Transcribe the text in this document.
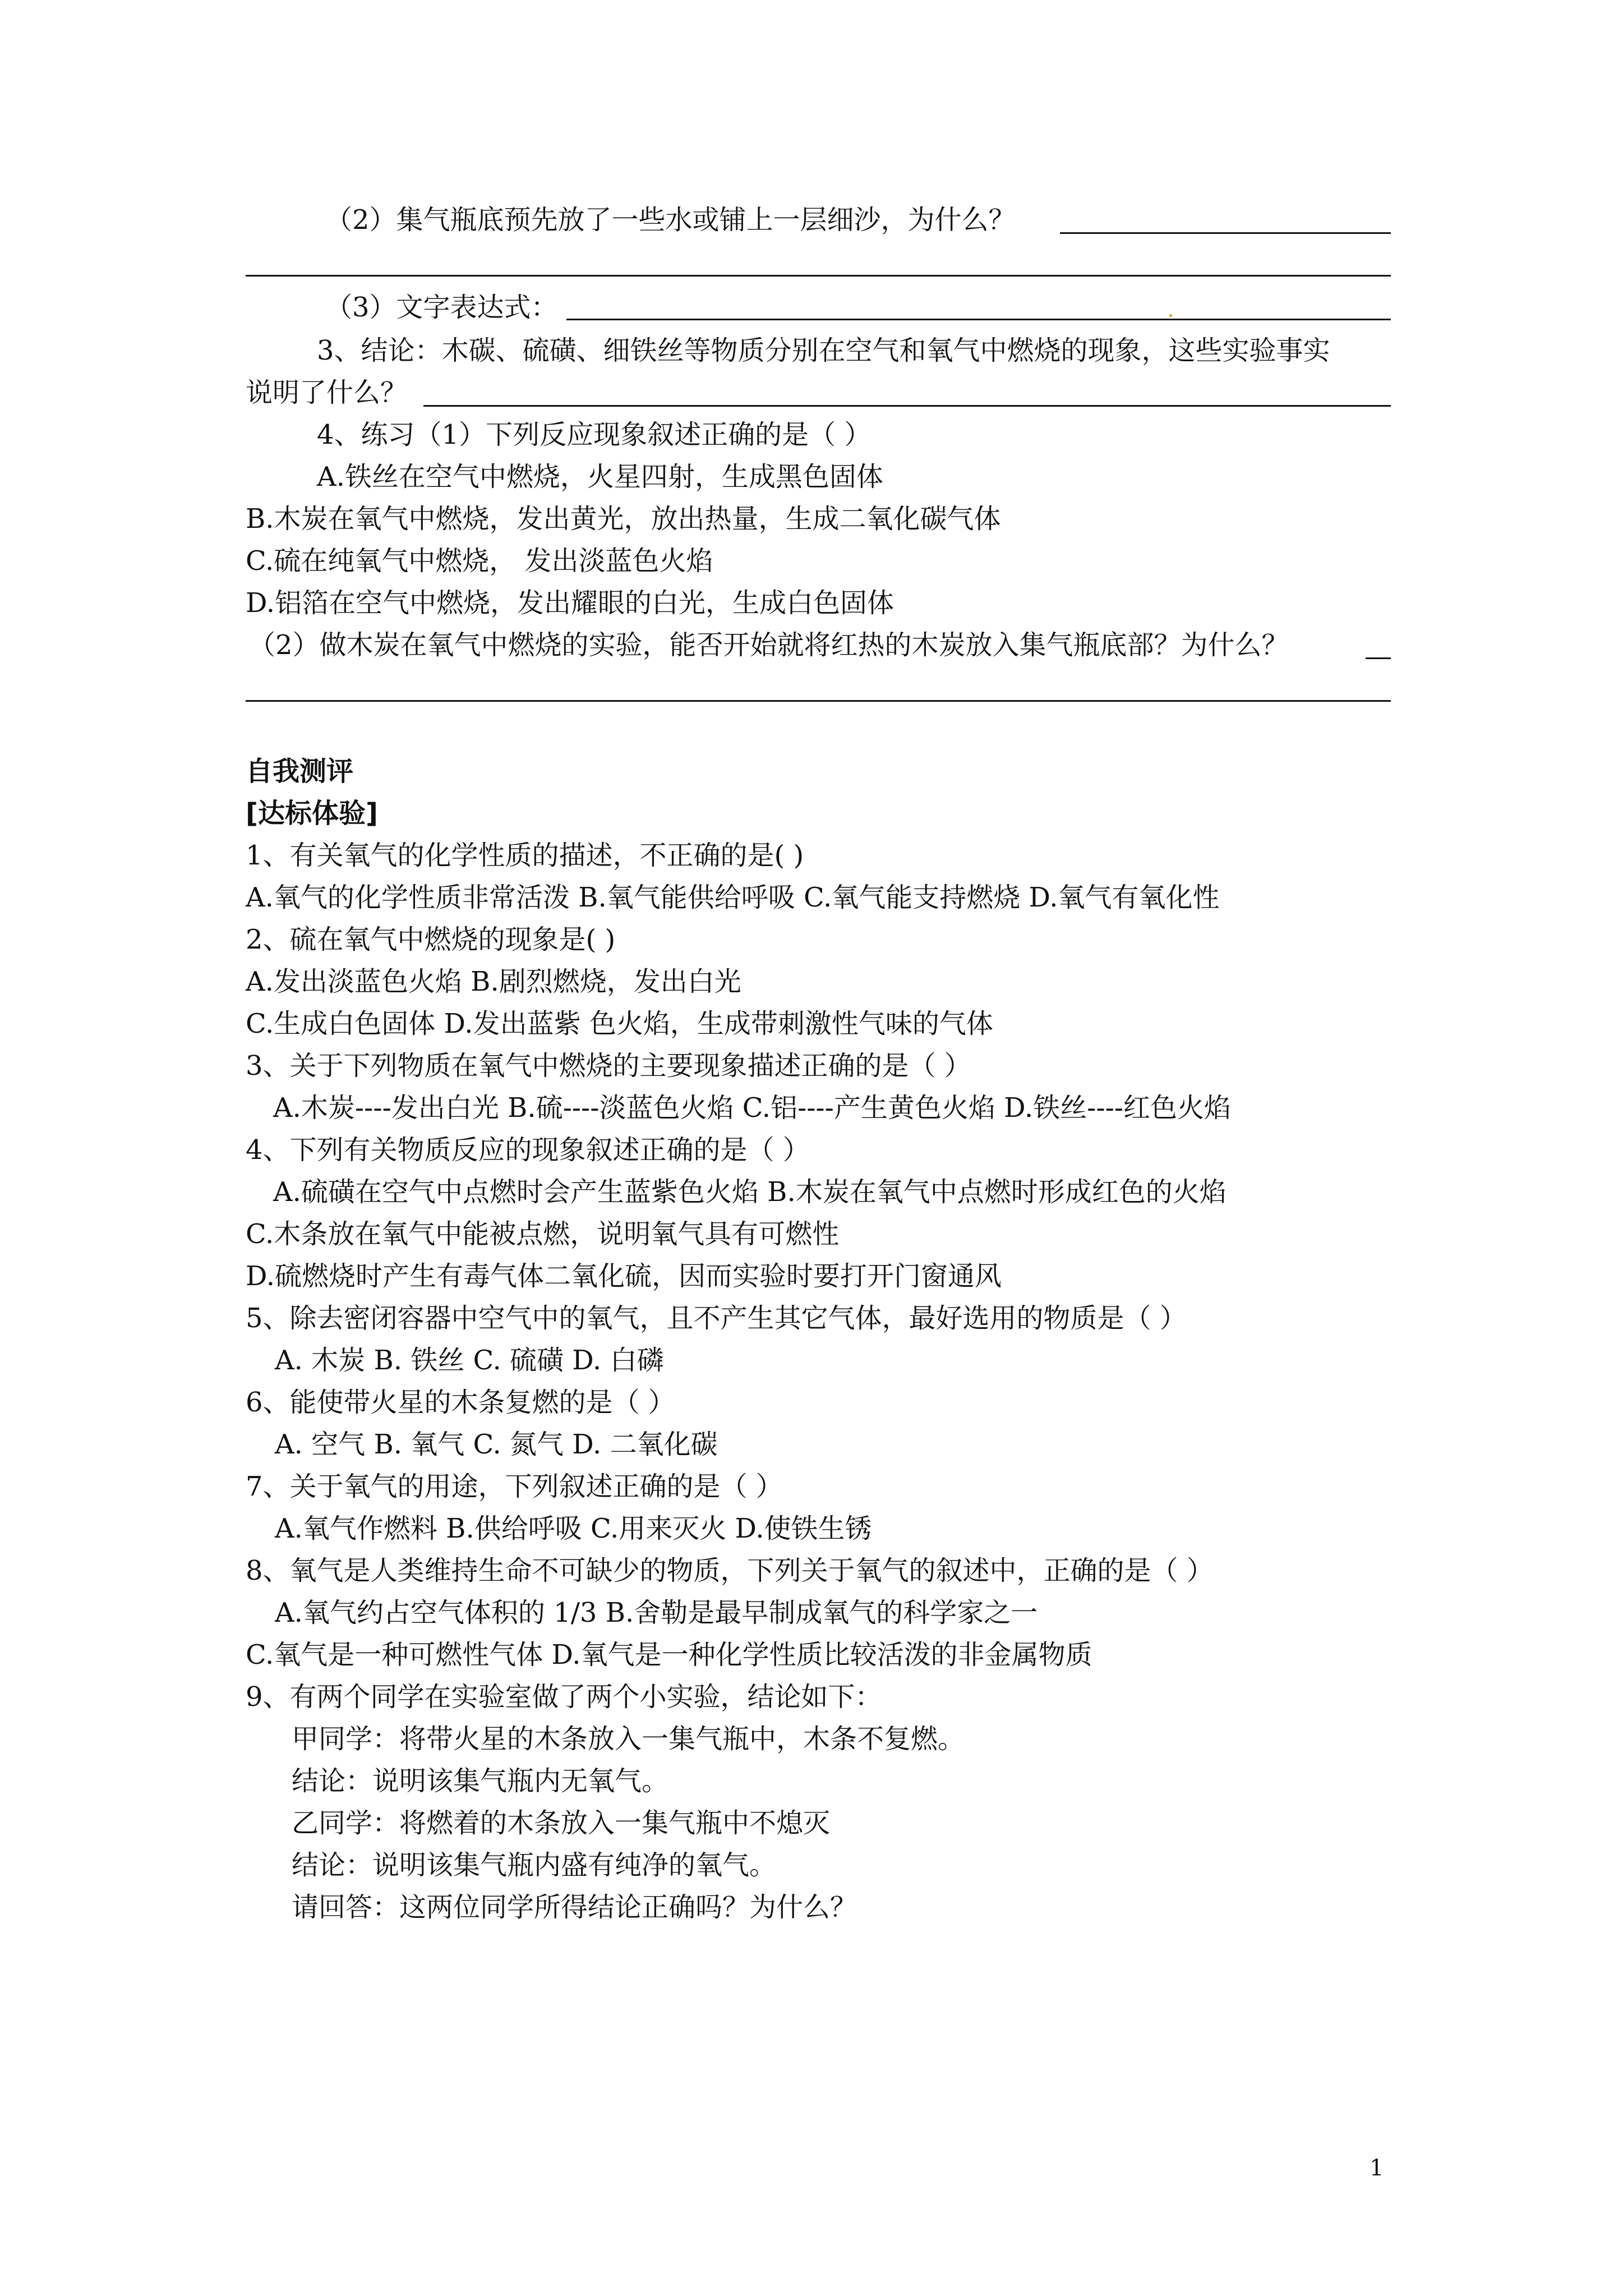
（2）集气瓶底预先放了一些水或铺上一层细沙，为什么？
（3）文字表达式：
3、结论：木碳、硫磺、细铁丝等物质分别在空气和氧气中燃烧的现象，这些实验事实
说明了什么？
4、练习（1）下列反应现象叙述正确的是（ ）
A.铁丝在空气中燃烧，火星四射，生成黑色固体
B.木炭在氧气中燃烧，发出黄光，放出热量，生成二氧化碳气体
C.硫在纯氧气中燃烧， 发出淡蓝色火焰
D.铝箔在空气中燃烧，发出耀眼的白光，生成白色固体
（2）做木炭在氧气中燃烧的实验，能否开始就将红热的木炭放入集气瓶底部？为什么？
自我测评
[达标体验]
1、有关氧气的化学性质的描述，不正确的是( )
A.氧气的化学性质非常活泼 B.氧气能供给呼吸 C.氧气能支持燃烧 D.氧气有氧化性
2、硫在氧气中燃烧的现象是( )
A.发出淡蓝色火焰 B.剧烈燃烧，发出白光
C.生成白色固体 D.发出蓝紫 色火焰，生成带刺激性气味的气体
3、关于下列物质在氧气中燃烧的主要现象描述正确的是（ ）
A.木炭----发出白光 B.硫----淡蓝色火焰 C.铝----产生黄色火焰 D.铁丝----红色火焰
4、下列有关物质反应的现象叙述正确的是（ ）
A.硫磺在空气中点燃时会产生蓝紫色火焰 B.木炭在氧气中点燃时形成红色的火焰
C.木条放在氧气中能被点燃，说明氧气具有可燃性
D.硫燃烧时产生有毒气体二氧化硫，因而实验时要打开门窗通风
5、除去密闭容器中空气中的氧气，且不产生其它气体，最好选用的物质是（ ）
A. 木炭 B. 铁丝 C. 硫磺 D. 白磷
6、能使带火星的木条复燃的是（ ）
A. 空气 B. 氧气 C. 氮气 D. 二氧化碳
7、关于氧气的用途，下列叙述正确的是（ ）
A.氧气作燃料 B.供给呼吸 C.用来灭火 D.使铁生锈
8、氧气是人类维持生命不可缺少的物质，下列关于氧气的叙述中，正确的是（ ）
A.氧气约占空气体积的 1/3 B.舍勒是最早制成氧气的科学家之一
C.氧气是一种可燃性气体 D.氧气是一种化学性质比较活泼的非金属物质
9、有两个同学在实验室做了两个小实验，结论如下：
甲同学：将带火星的木条放入一集气瓶中，木条不复燃。
结论：说明该集气瓶内无氧气。
乙同学：将燃着的木条放入一集气瓶中不熄灭
结论：说明该集气瓶内盛有纯净的氧气。
请回答：这两位同学所得结论正确吗？为什么？
1
